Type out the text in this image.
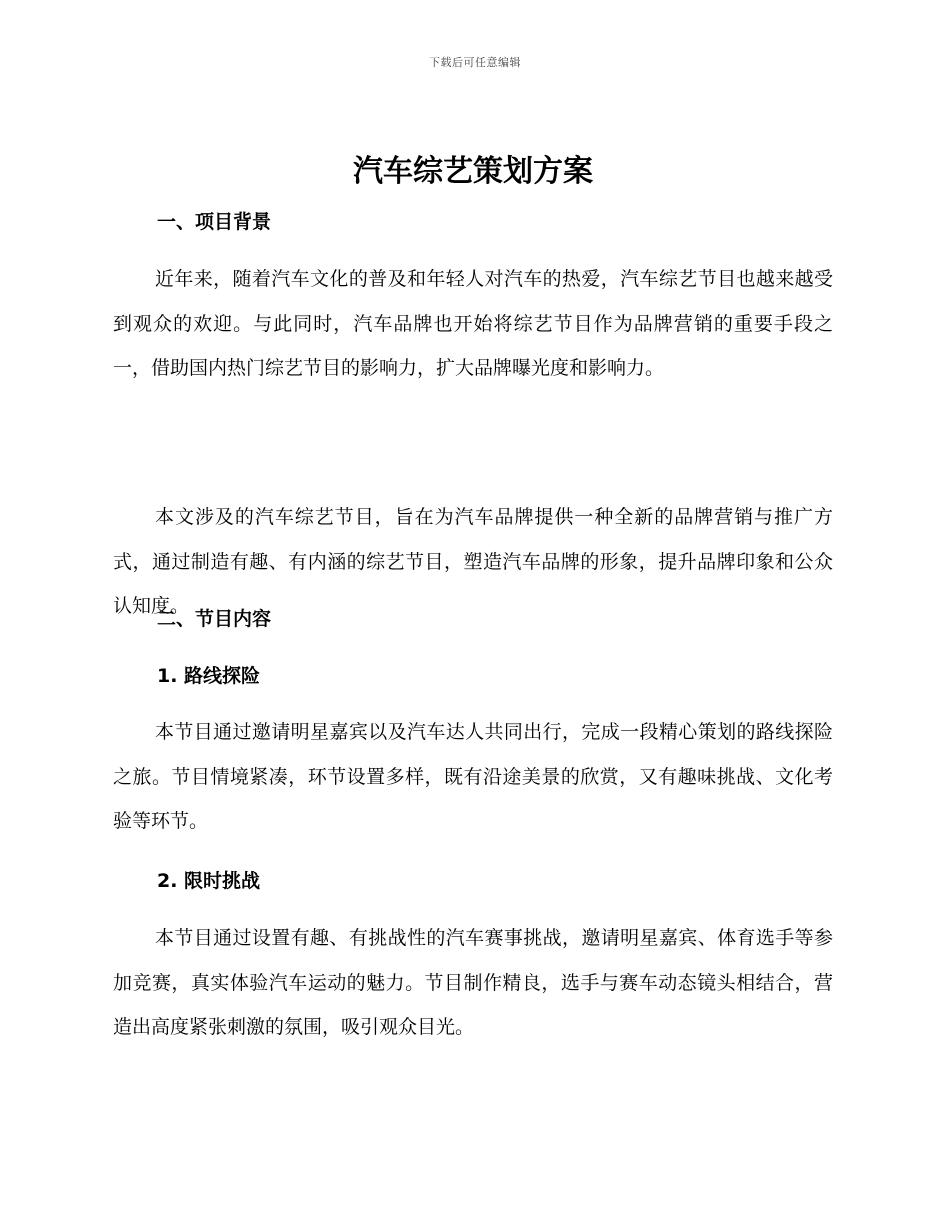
下载后可任意编辑
汽车综艺策划方案
一、项目背景

近年来，随着汽车文化的普及和年轻人对汽车的热爱，汽车综艺节目也越来越受到观众的欢迎。与此同时，汽车品牌也开始将综艺节目作为品牌营销的重要手段之一，借助国内热门综艺节目的影响力，扩大品牌曝光度和影响力。

本文涉及的汽车综艺节目，旨在为汽车品牌提供一种全新的品牌营销与推广方式，通过制造有趣、有内涵的综艺节目，塑造汽车品牌的形象，提升品牌印象和公众认知度。

二、节目内容
1. 路线探险

本节目通过邀请明星嘉宾以及汽车达人共同出行，完成一段精心策划的路线探险之旅。节目情境紧凑，环节设置多样，既有沿途美景的欣赏，又有趣味挑战、文化考验等环节。

2. 限时挑战

本节目通过设置有趣、有挑战性的汽车赛事挑战，邀请明星嘉宾、体育选手等参加竞赛，真实体验汽车运动的魅力。节目制作精良，选手与赛车动态镜头相结合，营造出高度紧张刺激的氛围，吸引观众目光。
